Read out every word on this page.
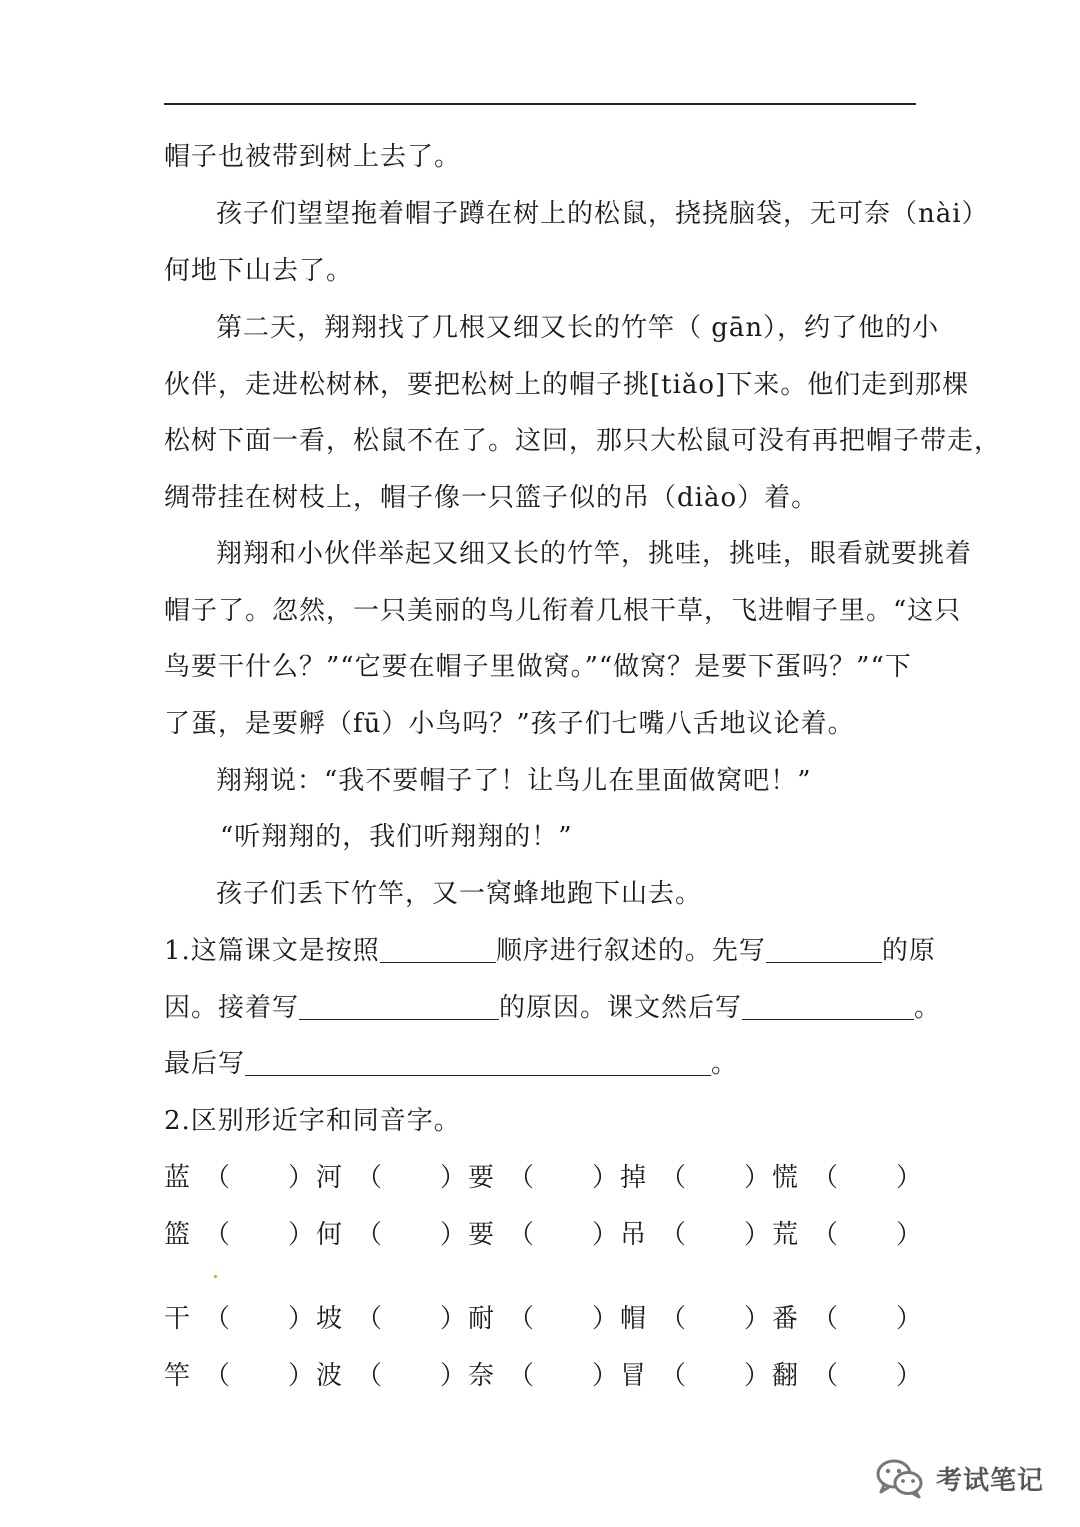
帽子也被带到树上去了。
孩子们望望拖着帽子蹲在树上的松鼠，挠挠脑袋，无可奈（nài）
何地下山去了。
第二天，翔翔找了几根又细又长的竹竿（ gān），约了他的小
伙伴，走进松树林，要把松树上的帽子挑[tiǎo]下来。他们走到那棵
松树下面一看，松鼠不在了。这回，那只大松鼠可没有再把帽子带走，
绸带挂在树枝上，帽子像一只篮子似的吊（diào）着。
翔翔和小伙伴举起又细又长的竹竿，挑哇，挑哇，眼看就要挑着
帽子了。忽然，一只美丽的鸟儿衔着几根干草，飞进帽子里。“这只
鸟要干什么？”“它要在帽子里做窝。”“做窝？是要下蛋吗？”“下
了蛋，是要孵（fū）小鸟吗？”孩子们七嘴八舌地议论着。
翔翔说：“我不要帽子了！让鸟儿在里面做窝吧！”
“听翔翔的，我们听翔翔的！”
孩子们丢下竹竿，又一窝蜂地跑下山去。
1.这篇课文是按照	顺序进行叙述的。先写	的原
因。接着写	的原因。课文然后写	。
最后写	。
2.区别形近字和同音字。
蓝 （ ） 河 （ ） 要 （ ） 掉 （ ） 慌 （ ）
篮 （ ） 何 （ ） 要 （ ） 吊 （ ） 荒 （ ）
干 （ ） 坡 （ ） 耐 （ ） 帽 （ ） 番 （ ）
竿 （ ） 波 （ ） 奈 （ ） 冒 （ ） 翻 （ ）
考试笔记
